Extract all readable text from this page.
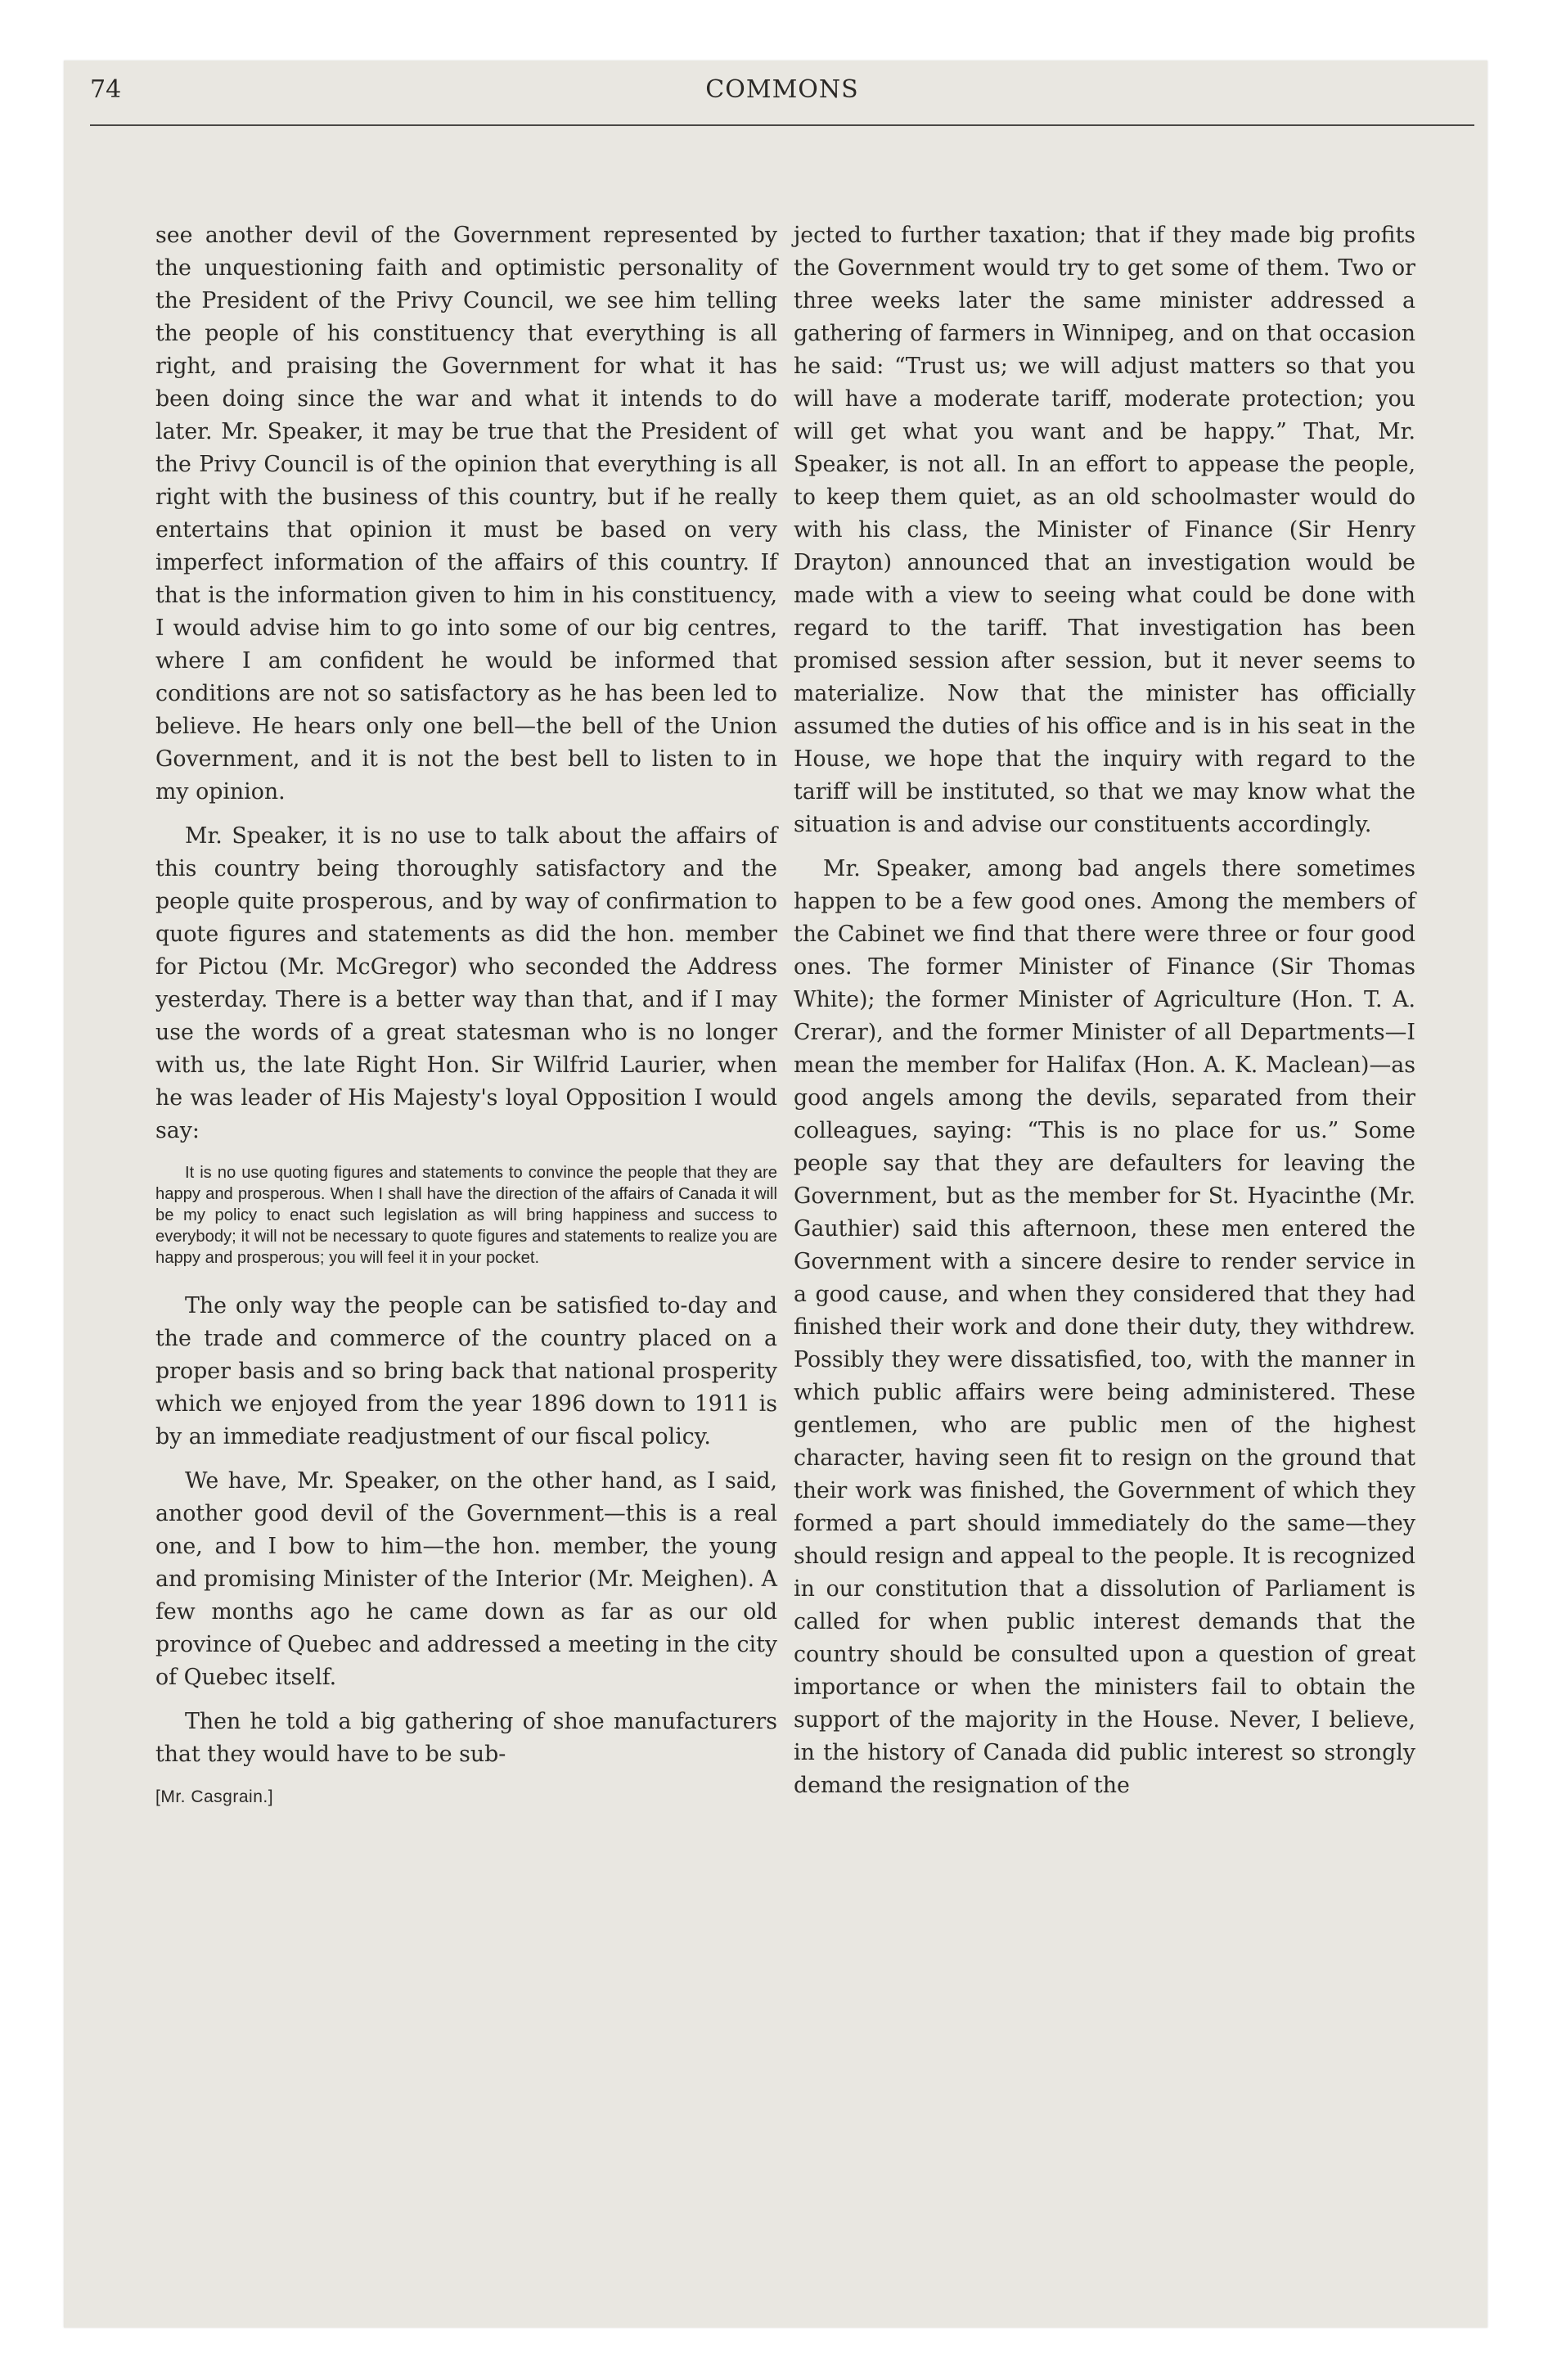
74	COMMONS

see another devil of the Government represented by the unquestioning faith and optimistic personality of the President of the Privy Council, we see him telling the people of his constituency that everything is all right, and praising the Government for what it has been doing since the war and what it intends to do later. Mr. Speaker, it may be true that the President of the Privy Council is of the opinion that everything is all right with the business of this country, but if he really entertains that opinion it must be based on very imperfect information of the affairs of this country. If that is the information given to him in his constituency, I would advise him to go into some of our big centres, where I am confident he would be informed that conditions are not so satisfactory as he has been led to believe. He hears only one bell—the bell of the Union Government, and it is not the best bell to listen to in my opinion.

Mr. Speaker, it is no use to talk about the affairs of this country being thoroughly satisfactory and the people quite prosperous, and by way of confirmation to quote figures and statements as did the hon. member for Pictou (Mr. McGregor) who seconded the Address yesterday. There is a better way than that, and if I may use the words of a great statesman who is no longer with us, the late Right Hon. Sir Wilfrid Laurier, when he was leader of His Majesty's loyal Opposition I would say:

It is no use quoting figures and statements to convince the people that they are happy and prosperous. When I shall have the direction of the affairs of Canada it will be my policy to enact such legislation as will bring happiness and success to everybody; it will not be necessary to quote figures and statements to realize you are happy and prosperous; you will feel it in your pocket.

The only way the people can be satisfied to-day and the trade and commerce of the country placed on a proper basis and so bring back that national prosperity which we enjoyed from the year 1896 down to 1911 is by an immediate readjustment of our fiscal policy.

We have, Mr. Speaker, on the other hand, as I said, another good devil of the Government—this is a real one, and I bow to him—the hon. member, the young and promising Minister of the Interior (Mr. Meighen). A few months ago he came down as far as our old province of Quebec and addressed a meeting in the city of Quebec itself.

Then he told a big gathering of shoe manufacturers that they would have to be sub-

[Mr. Casgrain.]

jected to further taxation; that if they made big profits the Government would try to get some of them. Two or three weeks later the same minister addressed a gathering of farmers in Winnipeg, and on that occasion he said: “Trust us; we will adjust matters so that you will have a moderate tariff, moderate protection; you will get what you want and be happy.” That, Mr. Speaker, is not all. In an effort to appease the people, to keep them quiet, as an old schoolmaster would do with his class, the Minister of Finance (Sir Henry Drayton) announced that an investigation would be made with a view to seeing what could be done with regard to the tariff. That investigation has been promised session after session, but it never seems to materialize. Now that the minister has officially assumed the duties of his office and is in his seat in the House, we hope that the inquiry with regard to the tariff will be instituted, so that we may know what the situation is and advise our constituents accordingly.

Mr. Speaker, among bad angels there sometimes happen to be a few good ones. Among the members of the Cabinet we find that there were three or four good ones. The former Minister of Finance (Sir Thomas White); the former Minister of Agriculture (Hon. T. A. Crerar), and the former Minister of all Departments—I mean the member for Halifax (Hon. A. K. Maclean)—as good angels among the devils, separated from their colleagues, saying: “This is no place for us.” Some people say that they are defaulters for leaving the Government, but as the member for St. Hyacinthe (Mr. Gauthier) said this afternoon, these men entered the Government with a sincere desire to render service in a good cause, and when they considered that they had finished their work and done their duty, they withdrew. Possibly they were dissatisfied, too, with the manner in which public affairs were being administered. These gentlemen, who are public men of the highest character, having seen fit to resign on the ground that their work was finished, the Government of which they formed a part should immediately do the same—they should resign and appeal to the people. It is recognized in our constitution that a dissolution of Parliament is called for when public interest demands that the country should be consulted upon a question of great importance or when the ministers fail to obtain the support of the majority in the House. Never, I believe, in the history of Canada did public interest so strongly demand the resignation of the
